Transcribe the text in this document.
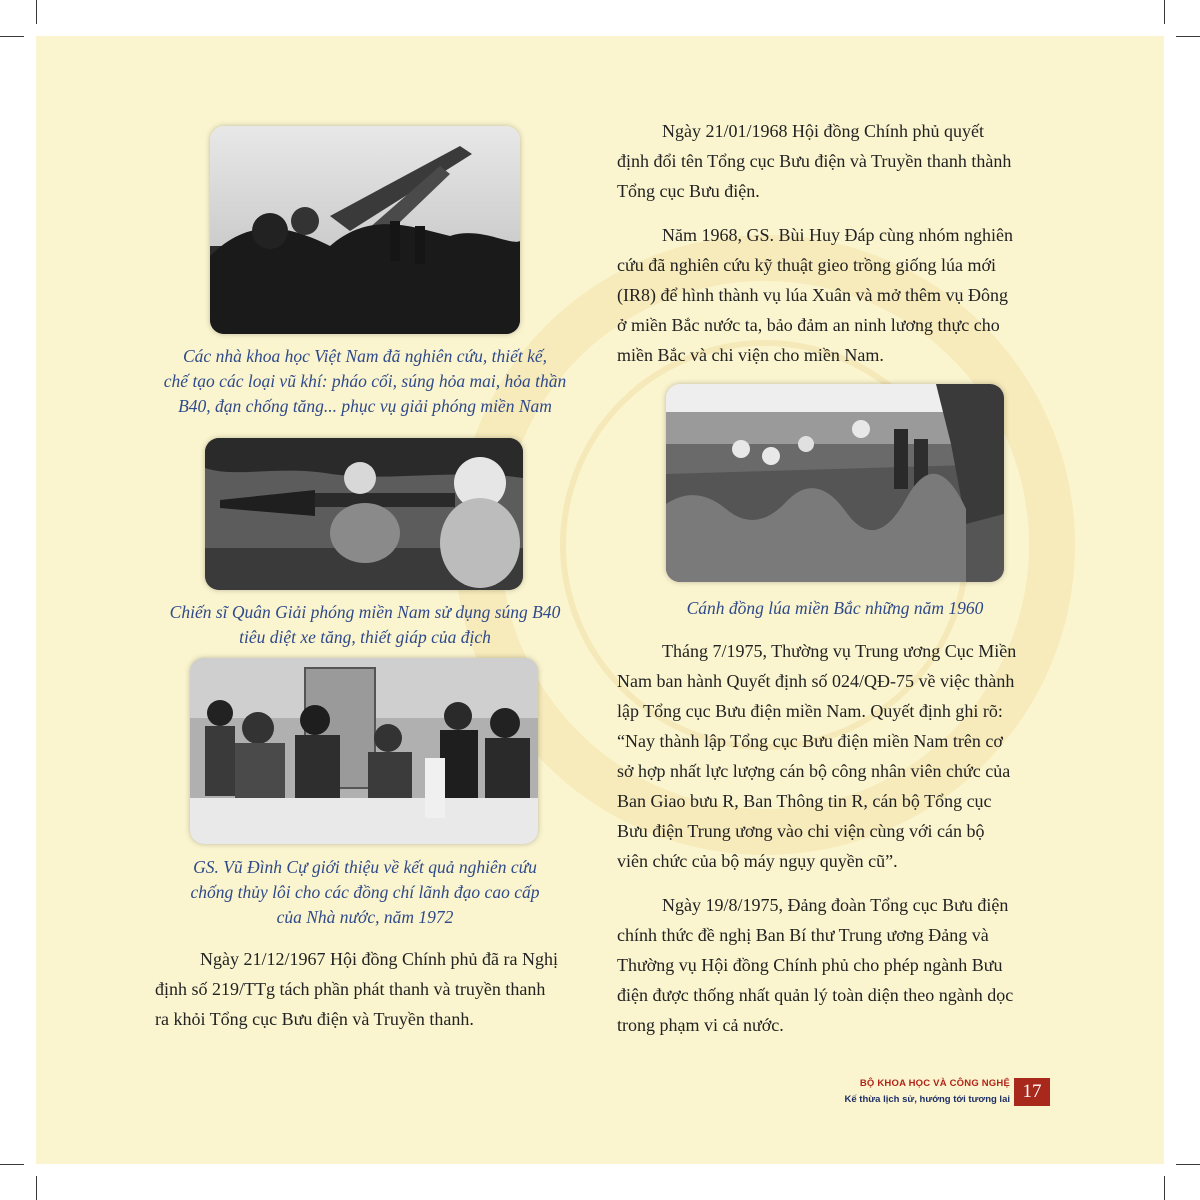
Các nhà khoa học Việt Nam đã nghiên cứu, thiết kế,
chế tạo các loại vũ khí: pháo cối, súng hỏa mai, hỏa thần
B40, đạn chống tăng... phục vụ giải phóng miền Nam
Chiến sĩ Quân Giải phóng miền Nam sử dụng súng B40
tiêu diệt xe tăng, thiết giáp của địch
GS. Vũ Đình Cự giới thiệu về kết quả nghiên cứu
chống thủy lôi cho các đồng chí lãnh đạo cao cấp
của Nhà nước, năm 1972
Ngày 21/12/1967 Hội đồng Chính phủ đã ra Nghị
định số 219/TTg tách phần phát thanh và truyền thanh
ra khỏi Tổng cục Bưu điện và Truyền thanh.
Ngày 21/01/1968 Hội đồng Chính phủ quyết
định đổi tên Tổng cục Bưu điện và Truyền thanh thành
Tổng cục Bưu điện.
Năm 1968, GS. Bùi Huy Đáp cùng nhóm nghiên
cứu đã nghiên cứu kỹ thuật gieo trồng giống lúa mới
(IR8) để hình thành vụ lúa Xuân và mở thêm vụ Đông
ở miền Bắc nước ta, bảo đảm an ninh lương thực cho
miền Bắc và chi viện cho miền Nam.
Cánh đồng lúa miền Bắc những năm 1960
Tháng 7/1975, Thường vụ Trung ương Cục Miền
Nam ban hành Quyết định số 024/QĐ-75 về việc thành
lập Tổng cục Bưu điện miền Nam. Quyết định ghi rõ:
“Nay thành lập Tổng cục Bưu điện miền Nam trên cơ
sở hợp nhất lực lượng cán bộ công nhân viên chức của
Ban Giao bưu R, Ban Thông tin R, cán bộ Tổng cục
Bưu điện Trung ương vào chi viện cùng với cán bộ
viên chức của bộ máy ngụy quyền cũ”.
Ngày 19/8/1975, Đảng đoàn Tổng cục Bưu điện
chính thức đề nghị Ban Bí thư Trung ương Đảng và
Thường vụ Hội đồng Chính phủ cho phép ngành Bưu
điện được thống nhất quản lý toàn diện theo ngành dọc
trong phạm vi cả nước.
BỘ KHOA HỌC VÀ CÔNG NGHỆ
Kế thừa lịch sử, hướng tới tương lai 17
